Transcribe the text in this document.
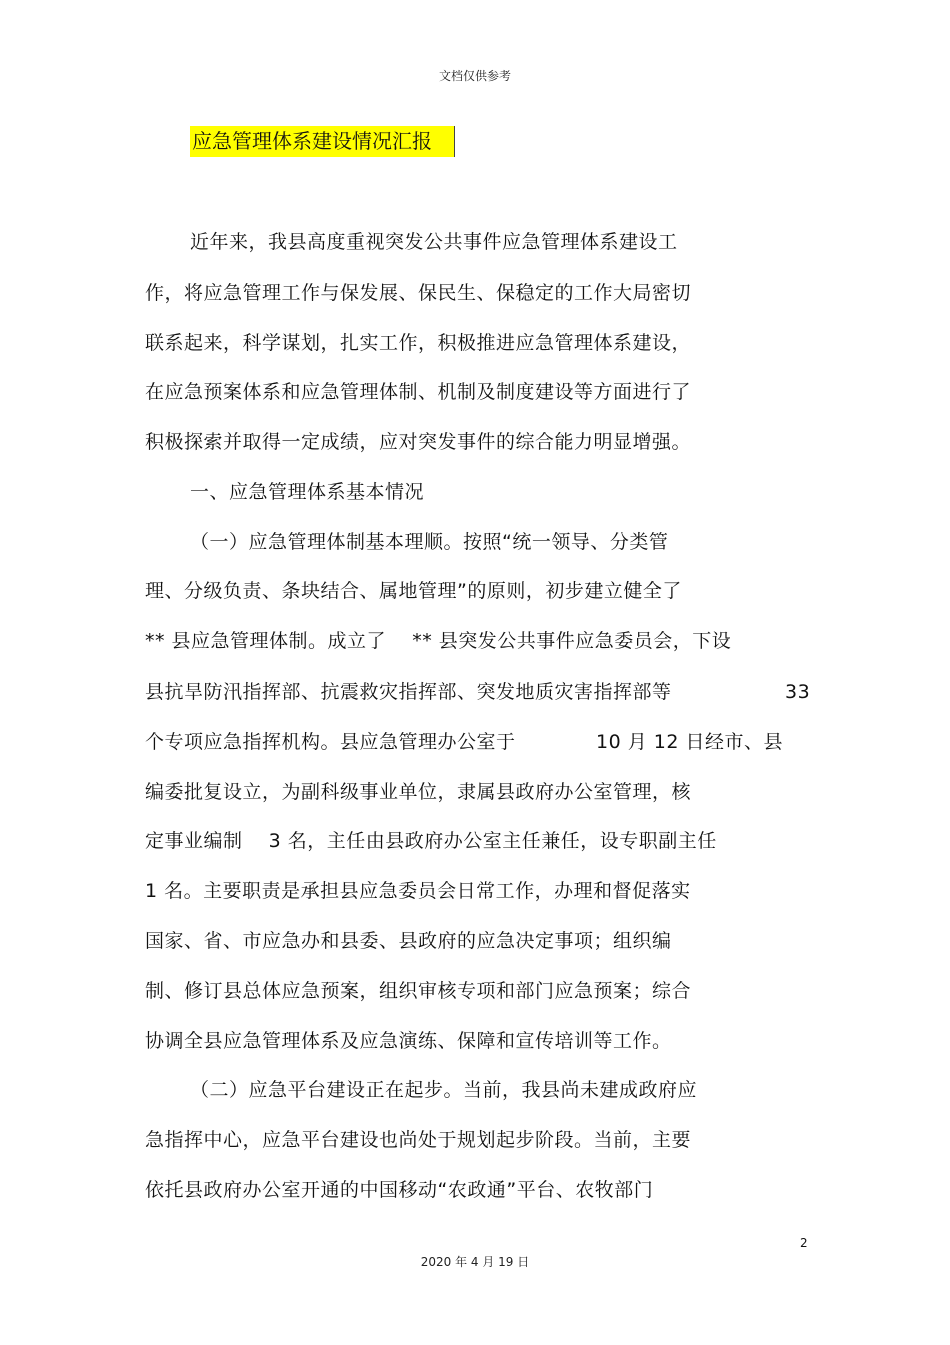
文档仅供参考
应急管理体系建设情况汇报
近年来，我县高度重视突发公共事件应急管理体系建设工
作，将应急管理工作与保发展、保民生、保稳定的工作大局密切
联系起来，科学谋划，扎实工作，积极推进应急管理体系建设，
在应急预案体系和应急管理体制、机制及制度建设等方面进行了
积极探索并取得一定成绩，应对突发事件的综合能力明显增强。
一、应急管理体系基本情况
（一）应急管理体制基本理顺。按照“统一领导、分类管
理、分级负责、条块结合、属地管理”的原则，初步建立健全了
** 县应急管理体制。成立了    ** 县突发公共事件应急委员会，下设
县抗旱防汛指挥部、抗震救灾指挥部、突发地质灾害指挥部等	33
个专项应急指挥机构。县应急管理办公室于	10 月 12 日经市、县
编委批复设立，为副科级事业单位，隶属县政府办公室管理，核
定事业编制    3 名，主任由县政府办公室主任兼任，设专职副主任
1 名。主要职责是承担县应急委员会日常工作，办理和督促落实
国家、省、市应急办和县委、县政府的应急决定事项；组织编
制、修订县总体应急预案，组织审核专项和部门应急预案；综合
协调全县应急管理体系及应急演练、保障和宣传培训等工作。
（二）应急平台建设正在起步。当前，我县尚未建成政府应
急指挥中心，应急平台建设也尚处于规划起步阶段。当前，主要
依托县政府办公室开通的中国移动“农政通”平台、农牧部门
2
2020 年 4 月 19 日
